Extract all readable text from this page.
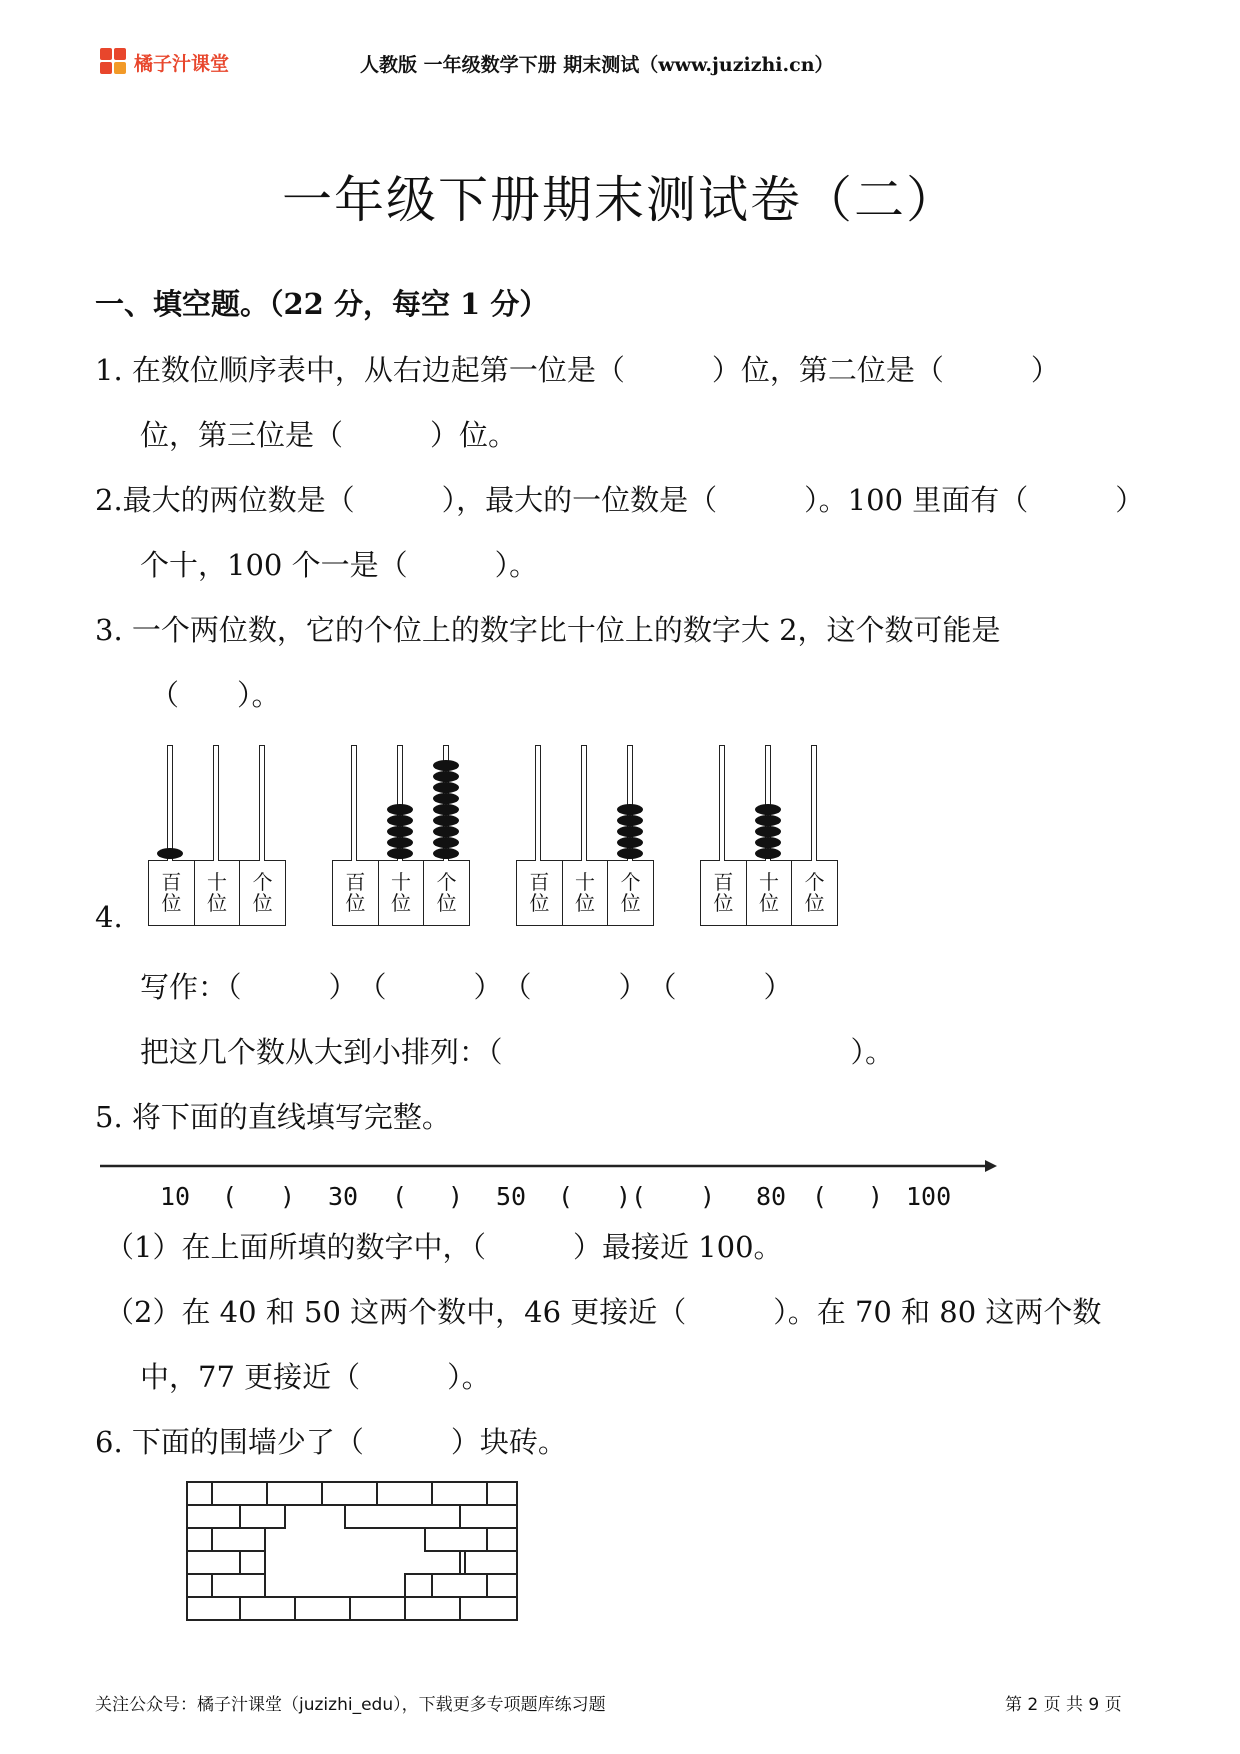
橘子汁课堂	人教版 一年级数学下册 期末测试（www.juzizhi.cn）
一年级下册期末测试卷（二）
一、填空题。（22 分，每空 1 分）
1. 在数位顺序表中，从右边起第一位是（　　　）位，第二位是（　　　）
位，第三位是（　　　）位。
2.最大的两位数是（　　　），最大的一位数是（　　　）。100 里面有（　　　）
个十，100 个一是（　　　）。
3. 一个两位数，它的个位上的数字比十位上的数字大 2，这个数可能是
（　　）。
百
位
十
位
个
位
百
位
十
位
个
位
百
位
十
位
个
位
百
位
十
位
个
位
4.
写作：（　　　）　（　　　）　（　　　）　（　　　）
把这几个数从大到小排列：（　　　　　　　　　　　　）。
5. 将下面的直线填写完整。
10 ( ) 30 ( ) 50 ( )( ) 80 ( ) 100
（1）在上面所填的数字中，（　　　）最接近 100。
（2）在 40 和 50 这两个数中，46 更接近（　　　）。在 70 和 80 这两个数
中，77 更接近（　　　）。
6. 下面的围墙少了（　　　）块砖。
关注公众号：橘子汁课堂（juzizhi_edu），下载更多专项题库练习题	第 2 页 共 9 页
